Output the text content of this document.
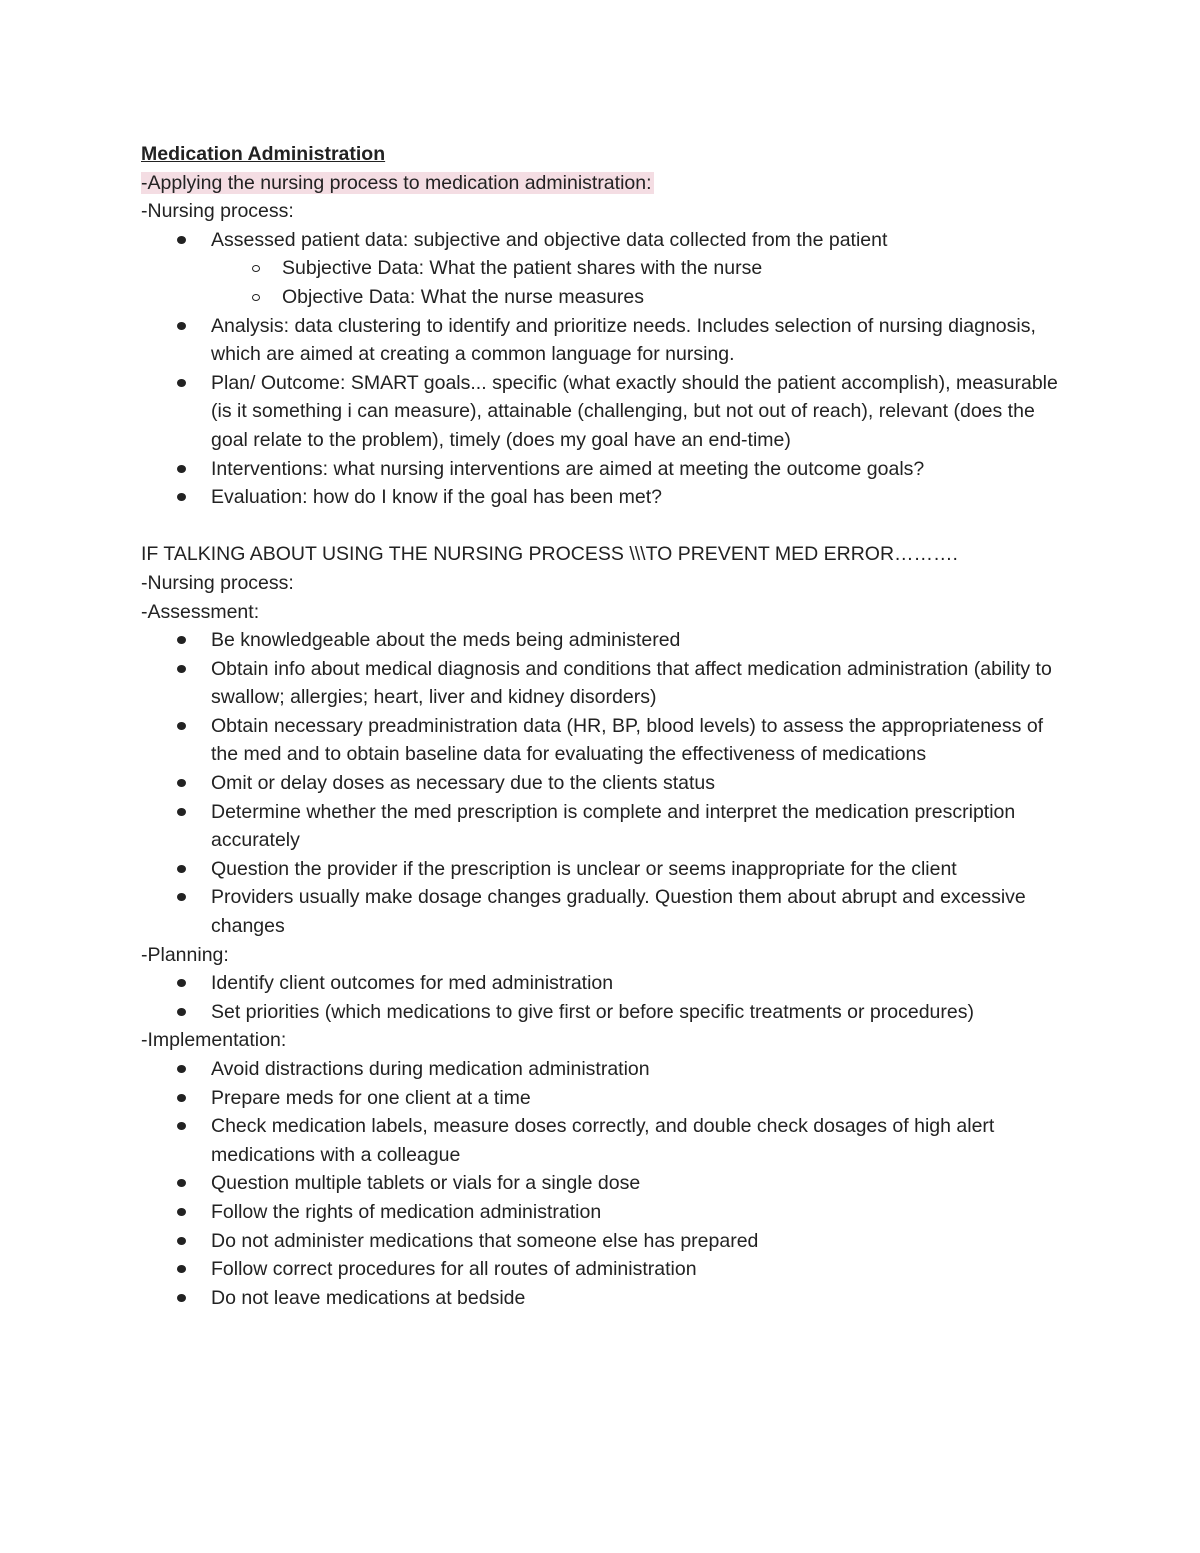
Medication Administration

-Applying the nursing process to medication administration:

-Nursing process:

Assessed patient data: subjective and objective data collected from the patient
Subjective Data: What the patient shares with the nurse
Objective Data: What the nurse measures
Analysis: data clustering to identify and prioritize needs. Includes selection of nursing diagnosis, which are aimed at creating a common language for nursing.
Plan/ Outcome: SMART goals... specific (what exactly should the patient accomplish), measurable (is it something i can measure), attainable (challenging, but not out of reach), relevant (does the goal relate to the problem), timely (does my goal have an end-time)
Interventions: what nursing interventions are aimed at meeting the outcome goals?
Evaluation: how do I know if the goal has been met?

IF TALKING ABOUT USING THE NURSING PROCESS \\\TO PREVENT MED ERROR……….

-Nursing process:

-Assessment:

Be knowledgeable about the meds being administered
Obtain info about medical diagnosis and conditions that affect medication administration (ability to swallow; allergies; heart, liver and kidney disorders)
Obtain necessary preadministration data (HR, BP, blood levels) to assess the appropriateness of the med and to obtain baseline data for evaluating the effectiveness of medications
Omit or delay doses as necessary due to the clients status
Determine whether the med prescription is complete and interpret the medication prescription accurately
Question the provider if the prescription is unclear or seems inappropriate for the client
Providers usually make dosage changes gradually. Question them about abrupt and excessive changes

-Planning:

Identify client outcomes for med administration
Set priorities (which medications to give first or before specific treatments or procedures)

-Implementation:

Avoid distractions during medication administration
Prepare meds for one client at a time
Check medication labels, measure doses correctly, and double check dosages of high alert medications with a colleague
Question multiple tablets or vials for a single dose
Follow the rights of medication administration
Do not administer medications that someone else has prepared
Follow correct procedures for all routes of administration
Do not leave medications at bedside
